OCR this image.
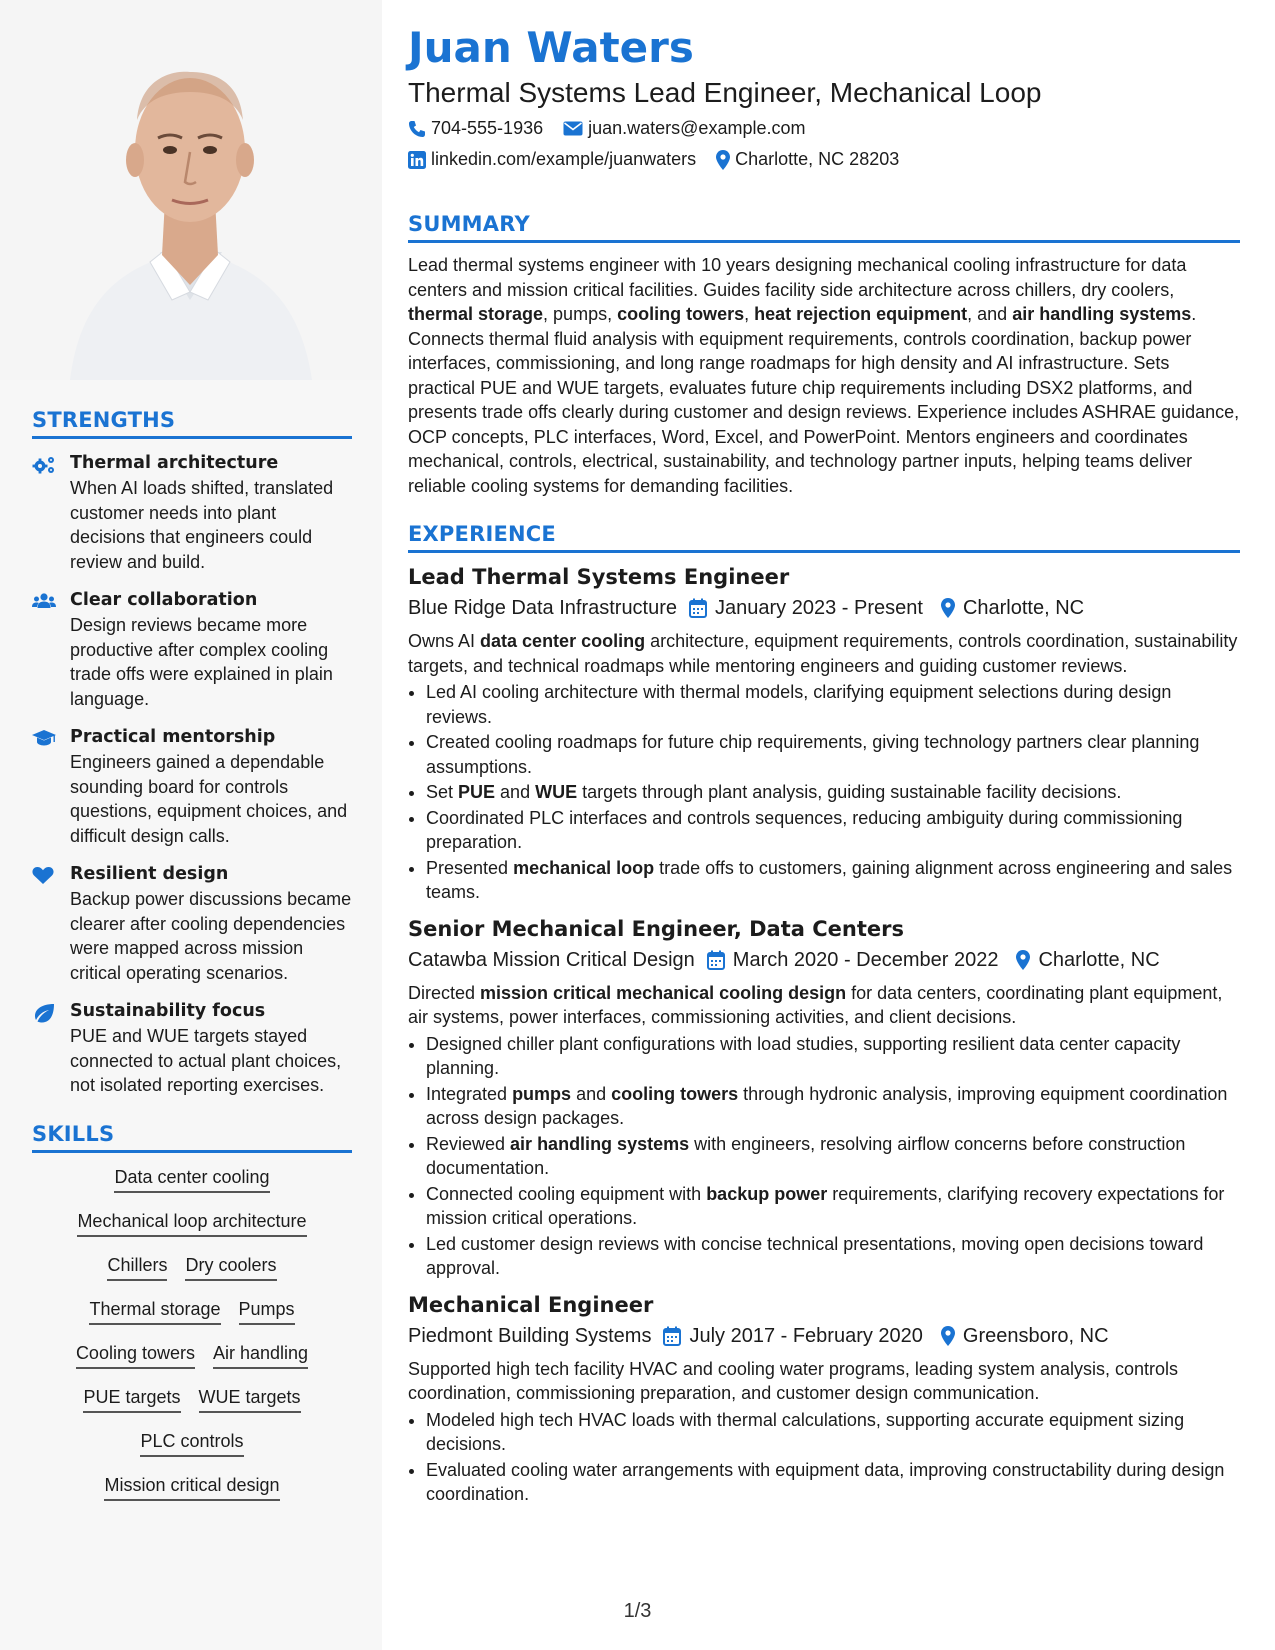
STRENGTHS
Thermal architecture
When AI loads shifted, translated customer needs into plant decisions that engineers could review and build.
Clear collaboration
Design reviews became more productive after complex cooling trade offs were explained in plain language.
Practical mentorship
Engineers gained a dependable sounding board for controls questions, equipment choices, and difficult design calls.
Resilient design
Backup power discussions became clearer after cooling dependencies were mapped across mission critical operating scenarios.
Sustainability focus
PUE and WUE targets stayed connected to actual plant choices, not isolated reporting exercises.
SKILLS
Data center cooling
Mechanical loop architecture
Chillers Dry coolers
Thermal storage Pumps
Cooling towers Air handling
PUE targets WUE targets
PLC controls
Mission critical design
Juan Waters
Thermal Systems Lead Engineer, Mechanical Loop
704-555-1936	juan.waters@example.com
linkedin.com/example/juanwaters Charlotte, NC 28203
SUMMARY

Lead thermal systems engineer with 10 years designing mechanical cooling infrastructure for data centers and mission critical facilities. Guides facility side architecture across chillers, dry coolers, thermal storage, pumps, cooling towers, heat rejection equipment, and air handling systems. Connects thermal fluid analysis with equipment requirements, controls coordination, backup power interfaces, commissioning, and long range roadmaps for high density and AI infrastructure. Sets practical PUE and WUE targets, evaluates future chip requirements including DSX2 platforms, and presents trade offs clearly during customer and design reviews. Experience includes ASHRAE guidance, OCP concepts, PLC interfaces, Word, Excel, and PowerPoint. Mentors engineers and coordinates mechanical, controls, electrical, sustainability, and technology partner inputs, helping teams deliver reliable cooling systems for demanding facilities.

EXPERIENCE
Lead Thermal Systems Engineer
Blue Ridge Data Infrastructure January 2023 - Present Charlotte, NC

Owns AI data center cooling architecture, equipment requirements, controls coordination, sustainability targets, and technical roadmaps while mentoring engineers and guiding customer reviews.

• Led AI cooling architecture with thermal models, clarifying equipment selections during design reviews.
• Created cooling roadmaps for future chip requirements, giving technology partners clear planning assumptions.
• Set PUE and WUE targets through plant analysis, guiding sustainable facility decisions.
• Coordinated PLC interfaces and controls sequences, reducing ambiguity during commissioning preparation.
• Presented mechanical loop trade offs to customers, gaining alignment across engineering and sales teams.
Senior Mechanical Engineer, Data Centers
Catawba Mission Critical Design March 2020 - December 2022 Charlotte, NC

Directed mission critical mechanical cooling design for data centers, coordinating plant equipment, air systems, power interfaces, commissioning activities, and client decisions.

• Designed chiller plant configurations with load studies, supporting resilient data center capacity planning.
• Integrated pumps and cooling towers through hydronic analysis, improving equipment coordination across design packages.
• Reviewed air handling systems with engineers, resolving airflow concerns before construction documentation.
• Connected cooling equipment with backup power requirements, clarifying recovery expectations for mission critical operations.
• Led customer design reviews with concise technical presentations, moving open decisions toward approval.
Mechanical Engineer
Piedmont Building Systems July 2017 - February 2020 Greensboro, NC

Supported high tech facility HVAC and cooling water programs, leading system analysis, controls coordination, commissioning preparation, and customer design communication.

• Modeled high tech HVAC loads with thermal calculations, supporting accurate equipment sizing decisions.
• Evaluated cooling water arrangements with equipment data, improving constructability during design coordination.
1/3
